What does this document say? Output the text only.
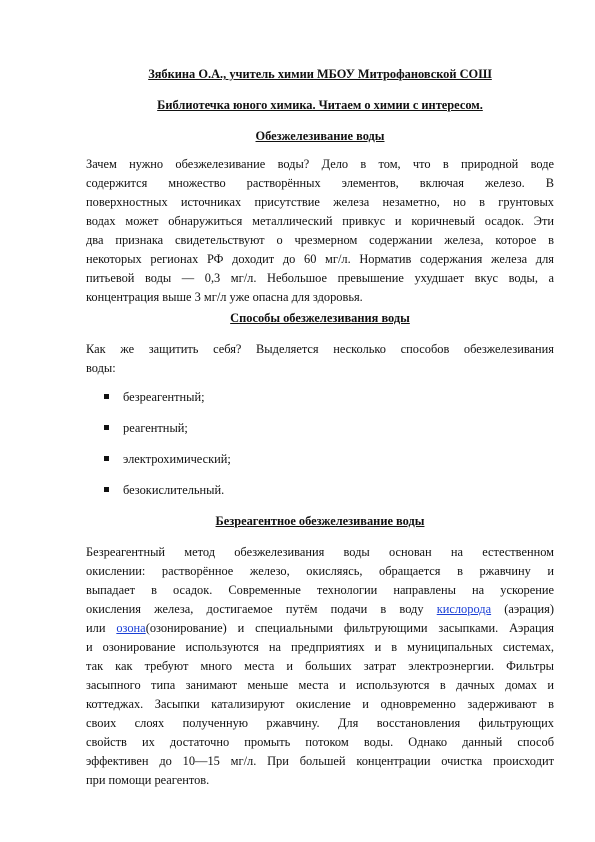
Зябкина О.А., учитель химии МБОУ Митрофановской СОШ
Библиотечка юного химика. Читаем о химии с интересом.
Обезжелезивание воды
Зачем нужно обезжелезивание воды? Дело в том, что в природной воде
содержится множество растворённых элементов, включая железо. В
поверхностных источниках присутствие железа незаметно, но в грунтовых
водах может обнаружиться металлический привкус и коричневый осадок. Эти
два признака свидетельствуют о чрезмерном содержании железа, которое в
некоторых регионах РФ доходит до 60 мг/л. Норматив содержания железа для
питьевой воды — 0,3 мг/л. Небольшое превышение ухудшает вкус воды, а
концентрация выше 3 мг/л уже опасна для здоровья.
Способы обезжелезивания воды
Как же защитить себя? Выделяется несколько способов обезжелезивания
воды:
безреагентный;
реагентный;
электрохимический;
безокислительный.
Безреагентное обезжелезивание воды
Безреагентный метод обезжелезивания воды основан на естественном
окислении: растворённое железо, окисляясь, обращается в ржавчину и
выпадает в осадок. Современные технологии направлены на ускорение
окисления железа, достигаемое путём подачи в воду кислорода (аэрация)
или озона(озонирование) и специальными фильтрующими засыпками. Аэрация
и озонирование используются на предприятиях и в муниципальных системах,
так как требуют много места и больших затрат электроэнергии. Фильтры
засыпного типа занимают меньше места и используются в дачных домах и
коттеджах. Засыпки катализируют окисление и одновременно задерживают в
своих слоях полученную ржавчину. Для восстановления фильтрующих
свойств их достаточно промыть потоком воды. Однако данный способ
эффективен до 10—15 мг/л. При большей концентрации очистка происходит
при помощи реагентов.
